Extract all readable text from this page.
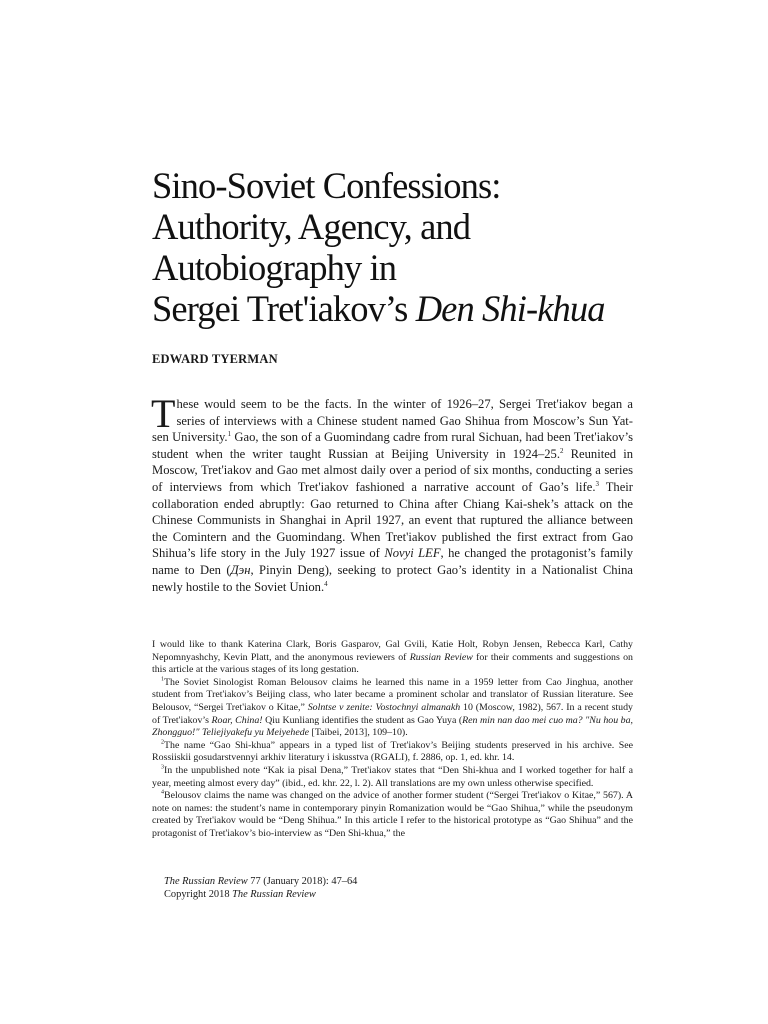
Sino-Soviet Confessions:
Authority, Agency, and
Autobiography in
Sergei Tret'iakov’s Den Shi-khua

EDWARD TYERMAN

These would seem to be the facts. In the winter of 1926–27, Sergei Tret'iakov began a series of interviews with a Chinese student named Gao Shihua from Moscow’s Sun Yat-sen University.$^1$ Gao, the son of a Guomindang cadre from rural Sichuan, had been Tret'iakov’s student when the writer taught Russian at Beijing University in 1924–25.$^2$ Reunited in Moscow, Tret'iakov and Gao met almost daily over a period of six months, conducting a series of interviews from which Tret'iakov fashioned a narrative account of Gao’s life.$^3$ Their collaboration ended abruptly: Gao returned to China after Chiang Kai-shek’s attack on the Chinese Communists in Shanghai in April 1927, an event that ruptured the alliance between the Comintern and the Guomindang. When Tret'iakov published the first extract from Gao Shihua’s life story in the July 1927 issue of Novyi LEF, he changed the protagonist’s family name to Den (Дэн, Pinyin Deng), seeking to protect Gao’s identity in a Nationalist China newly hostile to the Soviet Union.$^4$

I would like to thank Katerina Clark, Boris Gasparov, Gal Gvili, Katie Holt, Robyn Jensen, Rebecca Karl, Cathy Nepomnyashchy, Kevin Platt, and the anonymous reviewers of Russian Review for their comments and suggestions on this article at the various stages of its long gestation.

$^1$The Soviet Sinologist Roman Belousov claims he learned this name in a 1959 letter from Cao Jinghua, another student from Tret'iakov’s Beijing class, who later became a prominent scholar and translator of Russian literature. See Belousov, “Sergei Tret'iakov o Kitae,” Solntse v zenite: Vostochnyi almanakh 10 (Moscow, 1982), 567. In a recent study of Tret'iakov’s Roar, China! Qiu Kunliang identifies the student as Gao Yuya (Ren min nan dao mei cuo ma? "Nu hou ba, Zhongguo!" Teliejiyakefu yu Meiyehede [Taibei, 2013], 109–10).

$^2$The name “Gao Shi-khua” appears in a typed list of Tret'iakov’s Beijing students preserved in his archive. See Rossiiskii gosudarstvennyi arkhiv literatury i iskusstva (RGALI), f. 2886, op. 1, ed. khr. 14.

$^3$In the unpublished note “Kak ia pisal Dena,” Tret'iakov states that “Den Shi-khua and I worked together for half a year, meeting almost every day” (ibid., ed. khr. 22, l. 2). All translations are my own unless otherwise specified.

$^4$Belousov claims the name was changed on the advice of another former student (“Sergei Tret'iakov o Kitae,” 567). A note on names: the student’s name in contemporary pinyin Romanization would be “Gao Shihua,” while the pseudonym created by Tret'iakov would be “Deng Shihua.” In this article I refer to the historical prototype as “Gao Shihua” and the protagonist of Tret'iakov’s bio-interview as “Den Shi-khua,” the

The Russian Review 77 (January 2018): 47–64
Copyright 2018 The Russian Review
